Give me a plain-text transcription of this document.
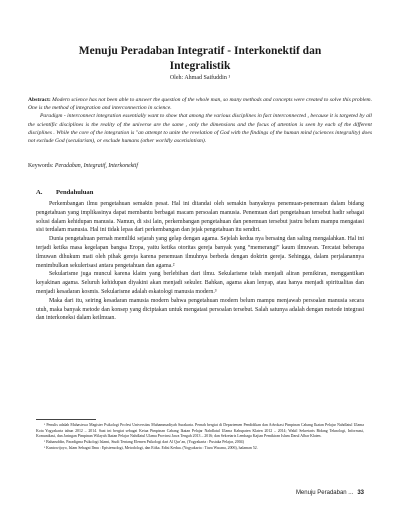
Menuju Peradaban Integratif - Interkonektif dan
Integralistik
Oleh: Ahmad Saifuddin ¹

Abstract: Modern science has not been able to answer the question of the whole man, so many methods and concepts were created to solve this problem. One is the method of integration and interconnection in science.

Paradigm - interconnect integration essentially want to show that among the various disciplines in fact interconnected , because it is targeted by all the scientific disciplines is the reality of the universe are the same , only the dimensions and the focus of attention is seen by each of the different disciplines . While the core of the integration is "an attempt to unite the revelation of God with the findings of the human mind (sciences integrality) does not exclude God (secularism), or exclude humans (other worldly ascetisintism).

Keywords: Peradaban, Integratif, Interkonektif
A. Pendahuluan

Perkembangan ilmu pengetahuan semakin pesat. Hal ini ditandai oleh semakin banyaknya penemuan-penemuan dalam bidang pengetahuan yang implikasinya dapat membantu berbagai macam persoalan manusia. Penemuan dari pengetahuan tersebut hadir sebagai solusi dalam kehidupan manusia. Namun, di sisi lain, perkembangan pengetahuan dan penemuan tersebut justru belum mampu mengatasi sisi terdalam manusia. Hal ini tidak lepas dari perkembangan dan jejak pengetahuan itu sendiri.

Dunia pengetahuan pernah memiliki sejarah yang gelap dengan agama. Sejelah kedua nya bersaing dan saling mengalahkan. Hal ini terjadi ketika masa kegelapan bangsa Eropa, yaitu ketika otoritas gereja banyak yang “memerangi” kaum ilmuwan. Tercatat beberapa ilmuwan dihukum mati oleh pihak gereja karena penemuan ilmuhnya berbeda dengan doktrin gereja. Sehingga, dalam perjalanannya menimbulkan sekulerisasi antara pengetahuan dan agama.²

Sekularisme juga muncul karena klaim yang berlebihan dari ilmu. Sekularisme telah menjadi aliran pemikiran, menggantikan keyakinan agama. Seluruh kehidupan diyakini akan menjadi sekuler. Bahkan, agama akan lenyap, atau hanya menjadi spiritualitas dan menjadi kesadaran kosmis. Sekularisme adalah eskatologi manusia modern.³

Maka dari itu, seiring kesadaran manusia modern bahwa pengetahuan modern belum mampu menjawab persoalan manusia secara utuh, maka banyak metode dan konsep yang diciptakan untuk mengatasi persoalan tersebut. Salah satunya adalah dengan metode integrasi dan interkoneksi dalam keilmuan.

¹ Penulis adalah Mahasiswa Magister Psikologi Profesi Universitas Muhammadiyah Surakarta. Pernah bergiat di Departemen Pendidikan dan Advokasi Pimpinan Cabang Ikatan Pelajar Nahdlatul Ulama Kota Yogyakarta tahun 2012 – 2014. Saat ini bergiat sebagai Ketua Pimpinan Cabang Ikatan Pelajar Nahdlatul Ulama Kabupaten Klaten 2012 – 2014; Wakil Sekretaris Bidang Teknologi, Informasi, Komunikasi, dan Jaringan Pimpinan Wilayah Ikatan Pelajar Nahdlatul Ulama Provinsi Jawa Tengah 2013 – 2016; dan Sekretaris Lembaga Kajian Pemikiran Islam Darul Albar Klaten.

² Baharuddin, Paradigma Psikologi Islami, Studi Tentang Elemen Psikologi dari Al Qur’an, (Yogyakarta : Pustaka Pelajar, 2004)

³ Kuntowijoyo, Islam Sebagai Ilmu : Epistemologi, Metodologi, dan Etika. Edisi Kedua. (Yogyakarta : Tiara Wacana, 2006), halaman 52.

Menuju Peradaban ... 33
